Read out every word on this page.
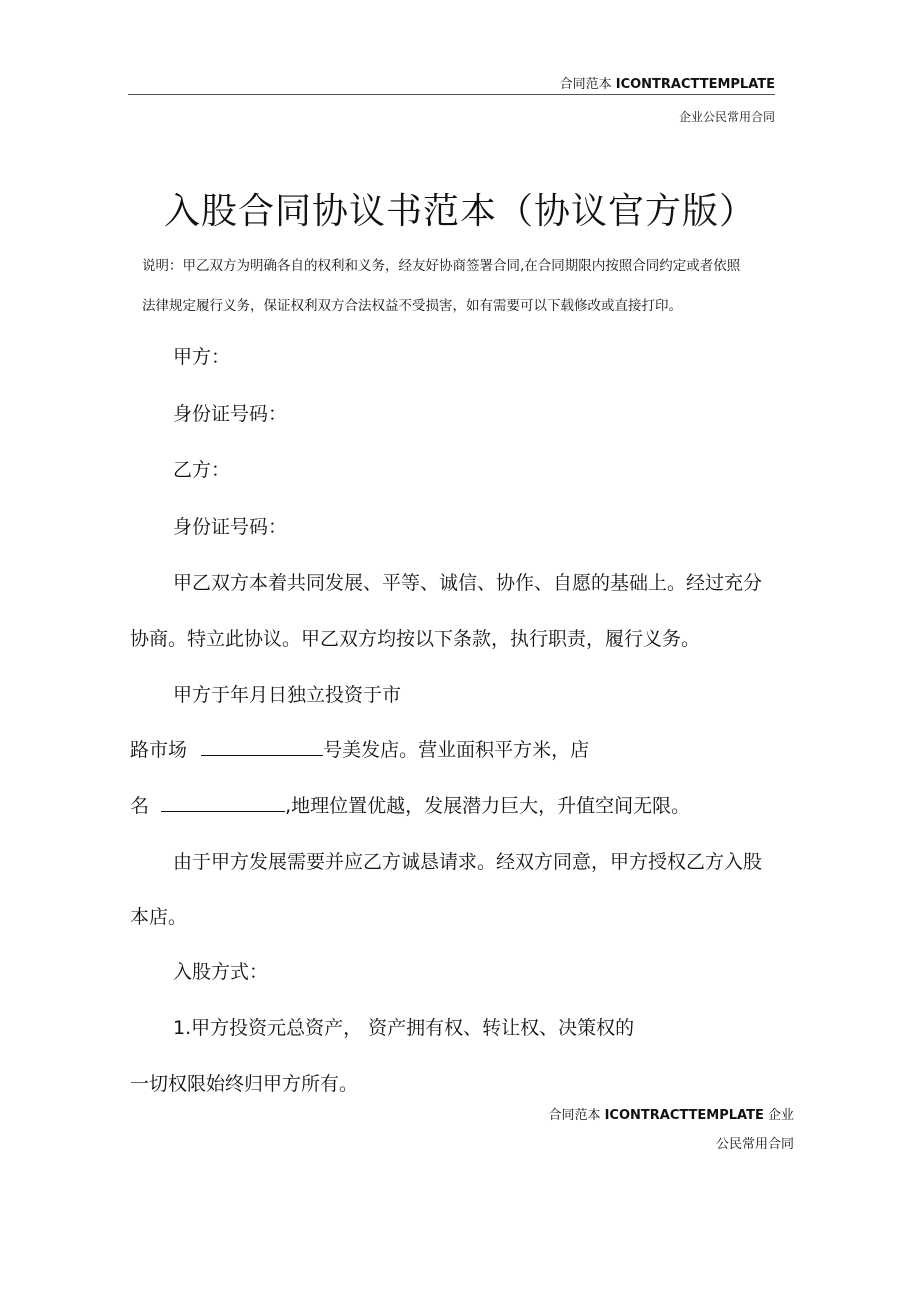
合同范本 ICONTRACTTEMPLATE
企业公民常用合同
入股合同协议书范本（协议官方版）
说明：甲乙双方为明确各自的权利和义务，经友好协商签署合同,在合同期限内按照合同约定或者依照
法律规定履行义务，保证权利双方合法权益不受损害，如有需要可以下载修改或直接打印。
甲方：
身份证号码：
乙方：
身份证号码：
甲乙双方本着共同发展、平等、诚信、协作、自愿的基础上。经过充分
协商。特立此协议。甲乙双方均按以下条款，执行职责，履行义务。
甲方于年月日独立投资于市
路市场	号美发店。营业面积平方米，店
名	,地理位置优越，发展潜力巨大，升值空间无限。
由于甲方发展需要并应乙方诚恳请求。经双方同意，甲方授权乙方入股
本店。
入股方式：
1.甲方投资元总资产， 资产拥有权、转让权、决策权的
一切权限始终归甲方所有。
合同范本 ICONTRACTTEMPLATE 企业
公民常用合同
